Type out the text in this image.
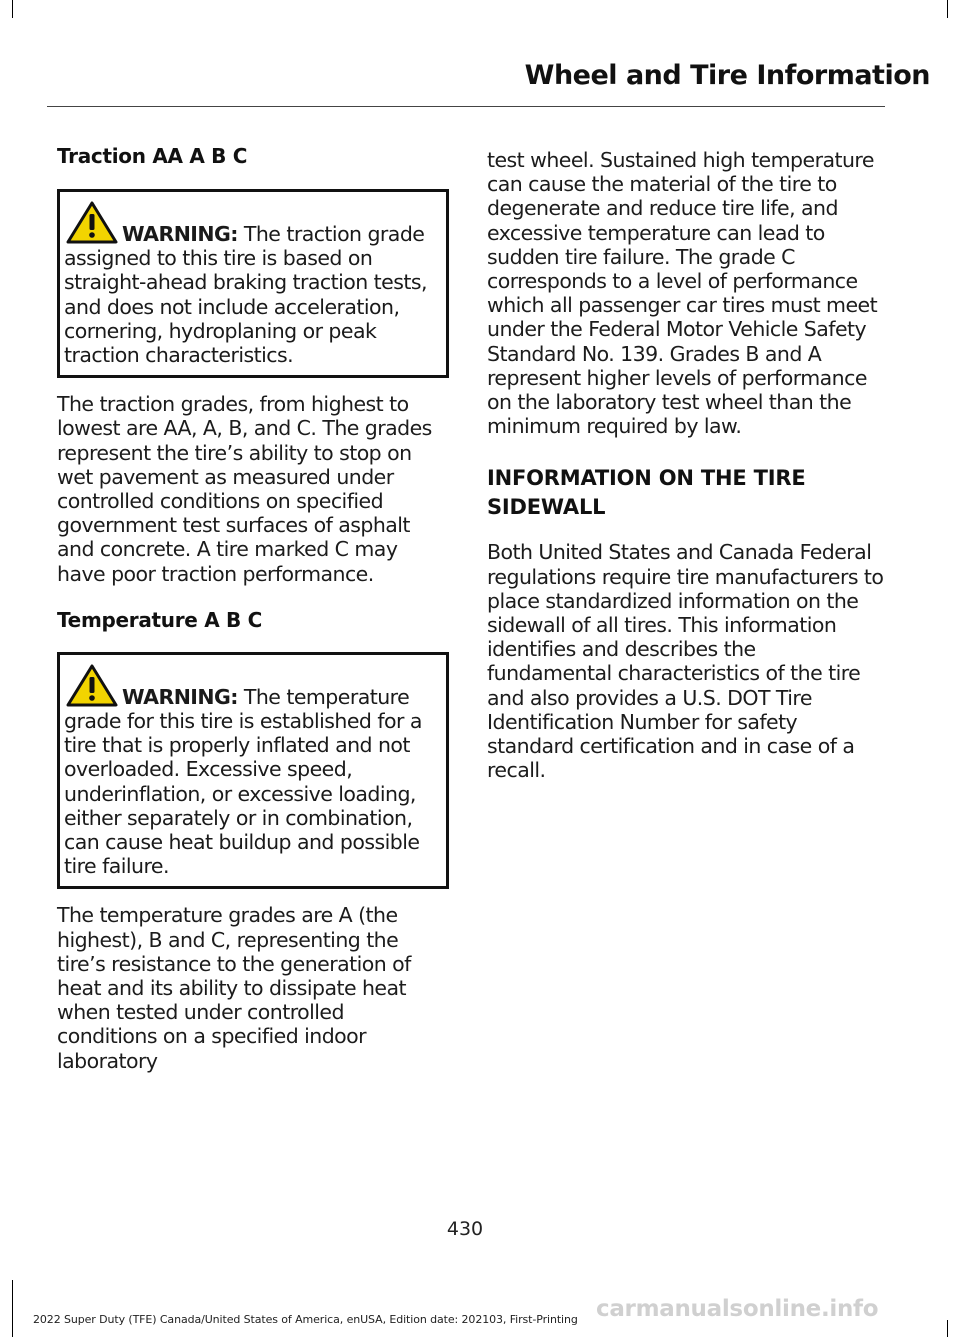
Wheel and Tire Information
Traction AA A B C

WARNING: The traction grade assigned to this tire is based on straight-ahead braking traction tests, and does not include acceleration, cornering, hydroplaning or peak traction characteristics.

The traction grades, from highest to lowest are AA, A, B, and C. The grades represent the tire’s ability to stop on wet pavement as measured under controlled conditions on specified government test surfaces of asphalt and concrete. A tire marked C may have poor traction performance.

Temperature A B C

WARNING: The temperature grade for this tire is established for a tire that is properly inflated and not overloaded. Excessive speed, underinflation, or excessive loading, either separately or in combination, can cause heat buildup and possible tire failure.

The temperature grades are A (the highest), B and C, representing the tire’s resistance to the generation of heat and its ability to dissipate heat when tested under controlled conditions on a specified indoor laboratory

test wheel. Sustained high temperature can cause the material of the tire to degenerate and reduce tire life, and excessive temperature can lead to sudden tire failure. The grade C corresponds to a level of performance which all passenger car tires must meet under the Federal Motor Vehicle Safety Standard No. 139. Grades B and A represent higher levels of performance on the laboratory test wheel than the minimum required by law.

INFORMATION ON THE TIRE SIDEWALL

Both United States and Canada Federal regulations require tire manufacturers to place standardized information on the sidewall of all tires. This information identifies and describes the fundamental characteristics of the tire and also provides a U.S. DOT Tire Identification Number for safety standard certification and in case of a recall.

430
2022 Super Duty (TFE) Canada/United States of America, enUSA, Edition date: 202103, First-Printing carmanualsonline.info
